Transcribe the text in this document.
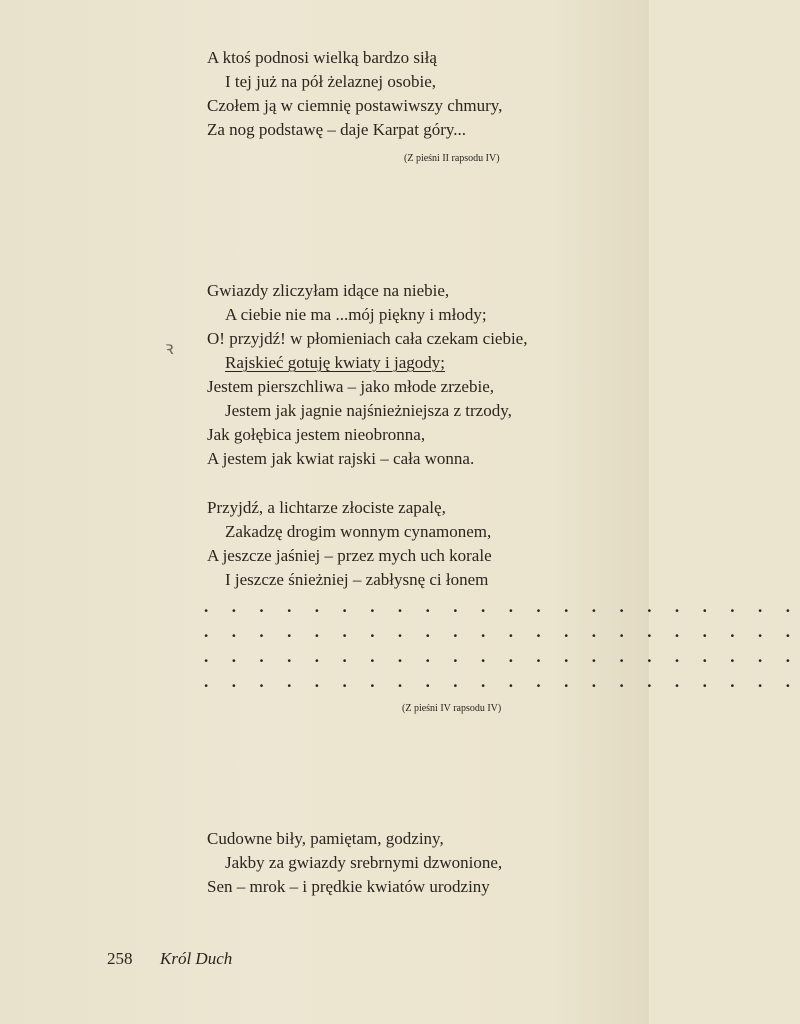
A ktoś podnosi wielką bardzo siłą
I tej już na pół żelaznej osobie,
Czołem ją w ciemnię postawiwszy chmury,
Za nog podstawę – daje Karpat góry...
(Z pieśni II rapsodu IV)
Gwiazdy zliczyłam idące na niebie,
A ciebie nie ma ...mój piękny i młody;
O! przyjdź! w płomieniach cała czekam ciebie,
Rajskieć gotuję kwiaty i jagody;
Jestem pierszchliwa – jako młode zrzebie,
Jestem jak jagnie najśnieżniejsza z trzody,
Jak gołębica jestem nieobronna,
A jestem jak kwiat rajski – cała wonna.
ꝛ
Przyjdź, a lichtarze złociste zapalę,
Zakadzę drogim wonnym cynamonem,
A jeszcze jaśniej – przez mych uch korale
I jeszcze śnieżniej – zabłysnę ci łonem
. . . . . . . . . . . . . . . . . . . . . .
. . . . . . . . . . . . . . . . . . . . . .
. . . . . . . . . . . . . . . . . . . . . .
. . . . . . . . . . . . . . . . . . . . . .
(Z pieśni IV rapsodu IV)
Cudowne biły, pamiętam, godziny,
Jakby za gwiazdy srebrnymi dzwonione,
Sen – mrok – i prędkie kwiatów urodziny
258 Król Duch
